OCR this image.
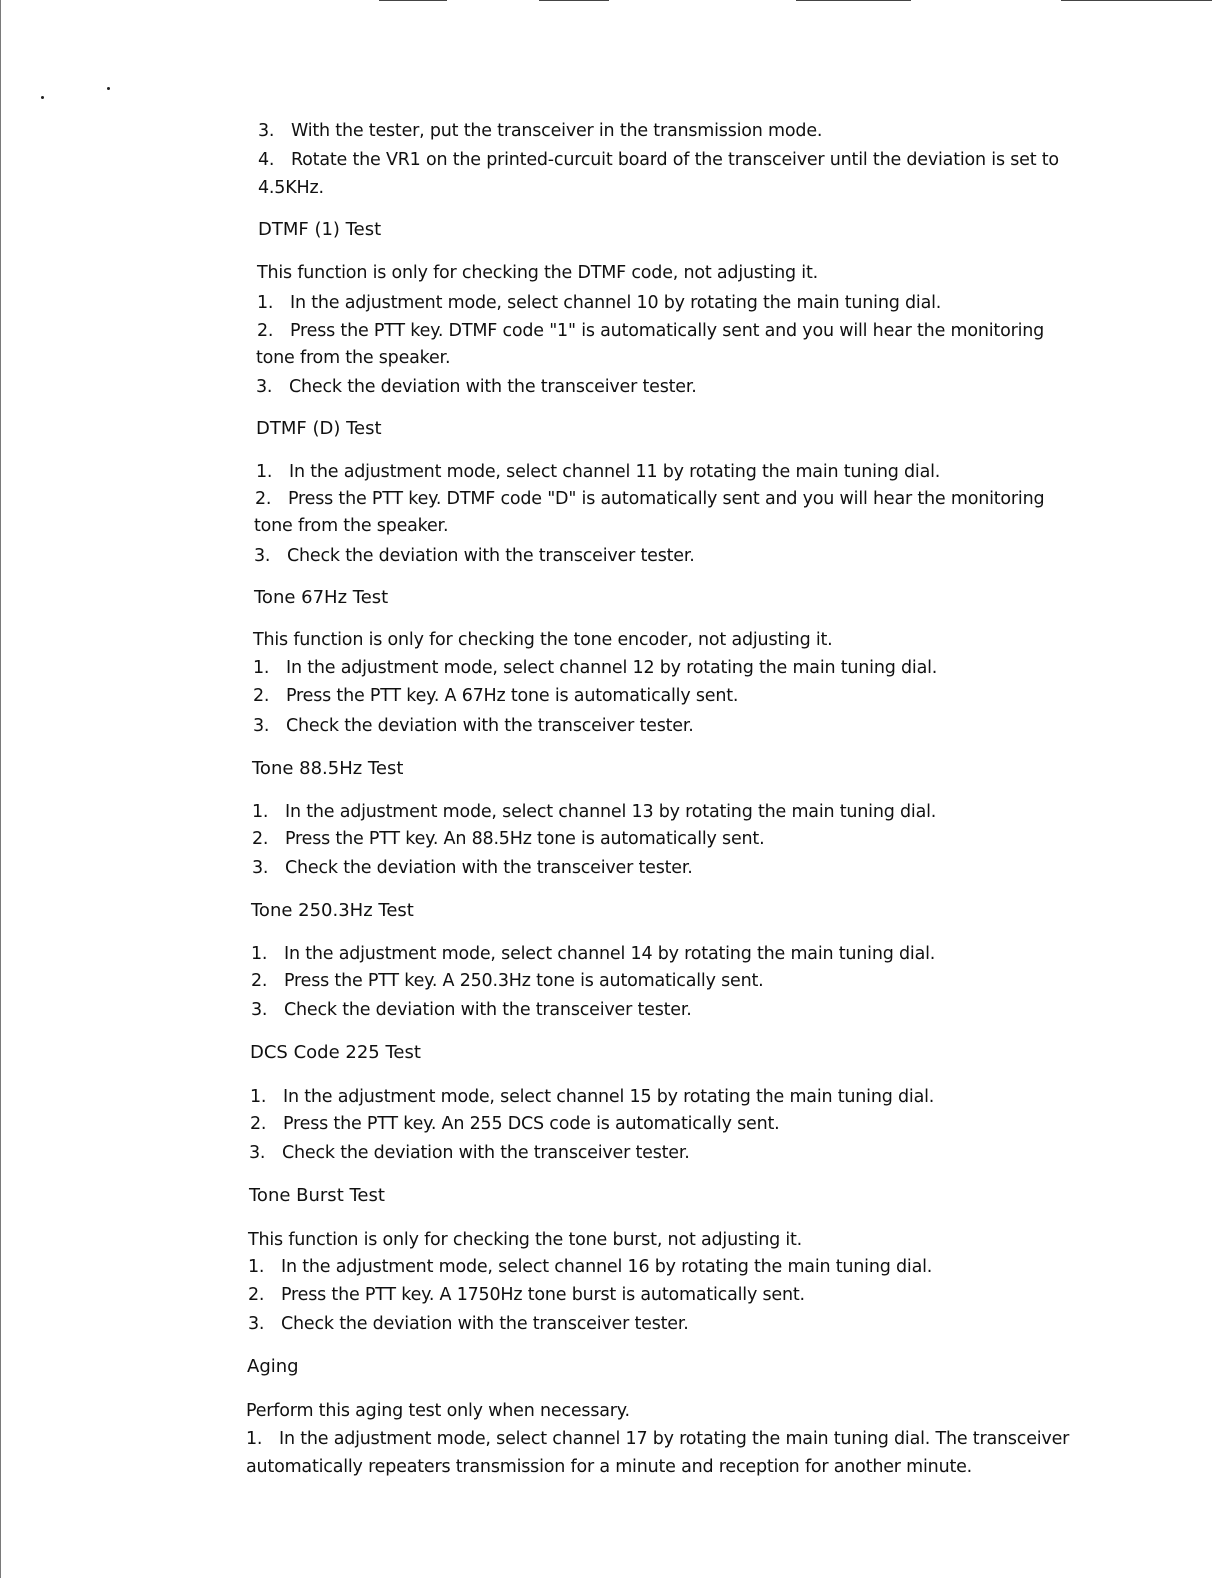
3. With the tester, put the transceiver in the transmission mode.
4. Rotate the VR1 on the printed-curcuit board of the transceiver until the deviation is set to
4.5KHz.
DTMF (1) Test
This function is only for checking the DTMF code, not adjusting it.
1. In the adjustment mode, select channel 10 by rotating the main tuning dial.
2. Press the PTT key. DTMF code "1" is automatically sent and you will hear the monitoring
tone from the speaker.
3. Check the deviation with the transceiver tester.
DTMF (D) Test
1. In the adjustment mode, select channel 11 by rotating the main tuning dial.
2. Press the PTT key. DTMF code "D" is automatically sent and you will hear the monitoring
tone from the speaker.
3. Check the deviation with the transceiver tester.
Tone 67Hz Test
This function is only for checking the tone encoder, not adjusting it.
1. In the adjustment mode, select channel 12 by rotating the main tuning dial.
2. Press the PTT key. A 67Hz tone is automatically sent.
3. Check the deviation with the transceiver tester.
Tone 88.5Hz Test
1. In the adjustment mode, select channel 13 by rotating the main tuning dial.
2. Press the PTT key. An 88.5Hz tone is automatically sent.
3. Check the deviation with the transceiver tester.
Tone 250.3Hz Test
1. In the adjustment mode, select channel 14 by rotating the main tuning dial.
2. Press the PTT key. A 250.3Hz tone is automatically sent.
3. Check the deviation with the transceiver tester.
DCS Code 225 Test
1. In the adjustment mode, select channel 15 by rotating the main tuning dial.
2. Press the PTT key. An 255 DCS code is automatically sent.
3. Check the deviation with the transceiver tester.
Tone Burst Test
This function is only for checking the tone burst, not adjusting it.
1. In the adjustment mode, select channel 16 by rotating the main tuning dial.
2. Press the PTT key. A 1750Hz tone burst is automatically sent.
3. Check the deviation with the transceiver tester.
Aging
Perform this aging test only when necessary.
1. In the adjustment mode, select channel 17 by rotating the main tuning dial. The transceiver
automatically repeaters transmission for a minute and reception for another minute.
